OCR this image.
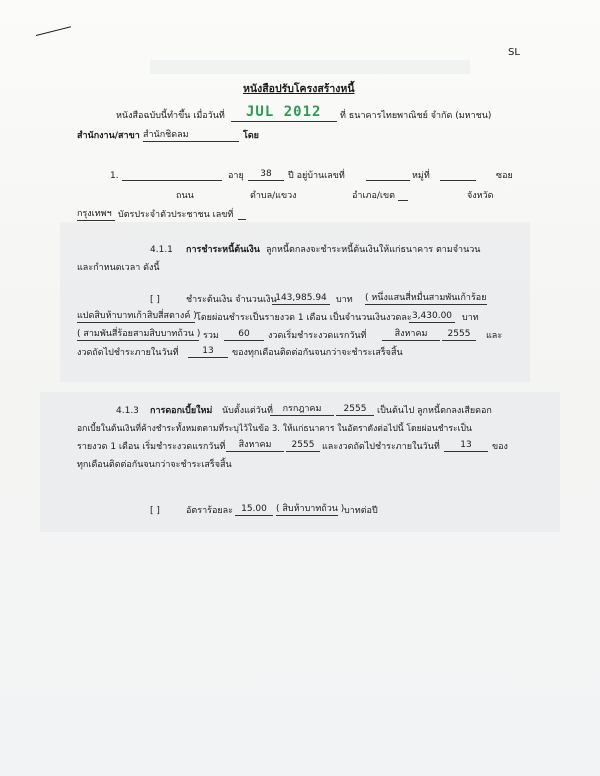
SL
หนังสือปรับโครงสร้างหนี้
หนังสือฉบับนี้ทำขึ้น เมื่อวันที่ JUL 2012 ที่ ธนาคารไทยพาณิชย์ จำกัด (มหาชน)
สำนักงาน/สาขา สำนักชิดลม	โดย
1.	อายุ	38	ปี อยู่บ้านเลขที่	หมู่ที่	ซอย
ถนน	ตำบล/แขวง	อำเภอ/เขต	จังหวัด
กรุงเทพฯ บัตรประจำตัวประชาชน เลขที่
4.1.1 การชำระหนี้ต้นเงิน ลูกหนี้ตกลงจะชำระหนี้ต้นเงินให้แก่ธนาคาร ตามจำนวน
และกำหนดเวลา ดังนี้
[ ]	ชำระต้นเงิน จำนวนเงิน
143,985.94	บาท ( หนึ่งแสนสี่หมื่นสามพันเก้าร้อย
แปดสิบห้าบาทเก้าสิบสี่สตางค์ ) โดยผ่อนชำระเป็นรายงวด 1 เดือน เป็นจำนวนเงินงวดละ 3,430.00	บาท
( สามพันสี่ร้อยสามสิบบาทถ้วน ) รวม	60	งวดเริ่มชำระงวดแรกวันที่	สิงหาคม	2555	และ
งวดถัดไปชำระภายในวันที่	13	ของทุกเดือนติดต่อกันจนกว่าจะชำระเสร็จสิ้น
4.1.3 การดอกเบี้ยใหม่ นับตั้งแต่วันที่	กรกฎาคม	2555	เป็นต้นไป ลูกหนี้ตกลงเสียดอก
อกเบี้ยในต้นเงินที่ค้างชำระทั้งหมดตามที่ระบุไว้ในข้อ 3. ให้แก่ธนาคาร ในอัตราดังต่อไปนี้ โดยผ่อนชำระเป็น
รายงวด 1 เดือน เริ่มชำระงวดแรกวันที่	สิงหาคม	2555 และงวดถัดไปชำระภายในวันที่	13	ของ
ทุกเดือนติดต่อกันจนกว่าจะชำระเสร็จสิ้น
[ ]	อัตราร้อยละ 15.00	( สิบห้าบาทถ้วน ) บาทต่อปี
